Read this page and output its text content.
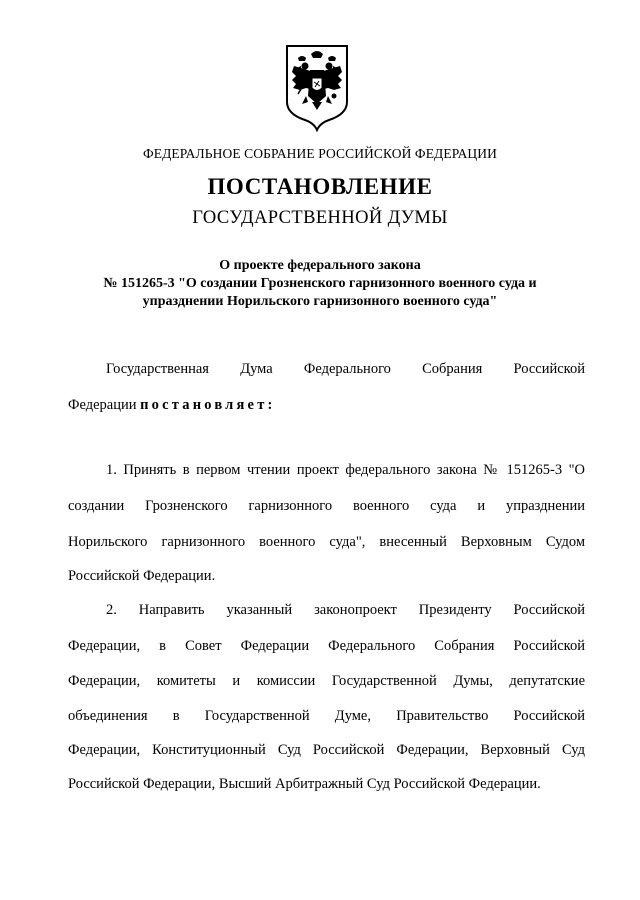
ФЕДЕРАЛЬНОЕ СОБРАНИЕ РОССИЙСКОЙ ФЕДЕРАЦИИ
ПОСТАНОВЛЕНИЕ
ГОСУДАРСТВЕННОЙ ДУМЫ
О проекте федерального закона
№ 151265-3 "О создании Грозненского гарнизонного военного суда и
упразднении Норильского гарнизонного военного суда"
Государственная Дума Федерального Собрания Российской
Федерации постановляет:
1. Принять в первом чтении проект федерального закона № 151265-3 "О
создании Грозненского гарнизонного военного суда и упразднении
Норильского гарнизонного военного суда", внесенный Верховным Судом
Российской Федерации.
2. Направить указанный законопроект Президенту Российской
Федерации, в Совет Федерации Федерального Собрания Российской
Федерации, комитеты и комиссии Государственной Думы, депутатские
объединения в Государственной Думе, Правительство Российской
Федерации, Конституционный Суд Российской Федерации, Верховный Суд
Российской Федерации, Высший Арбитражный Суд Российской Федерации.
